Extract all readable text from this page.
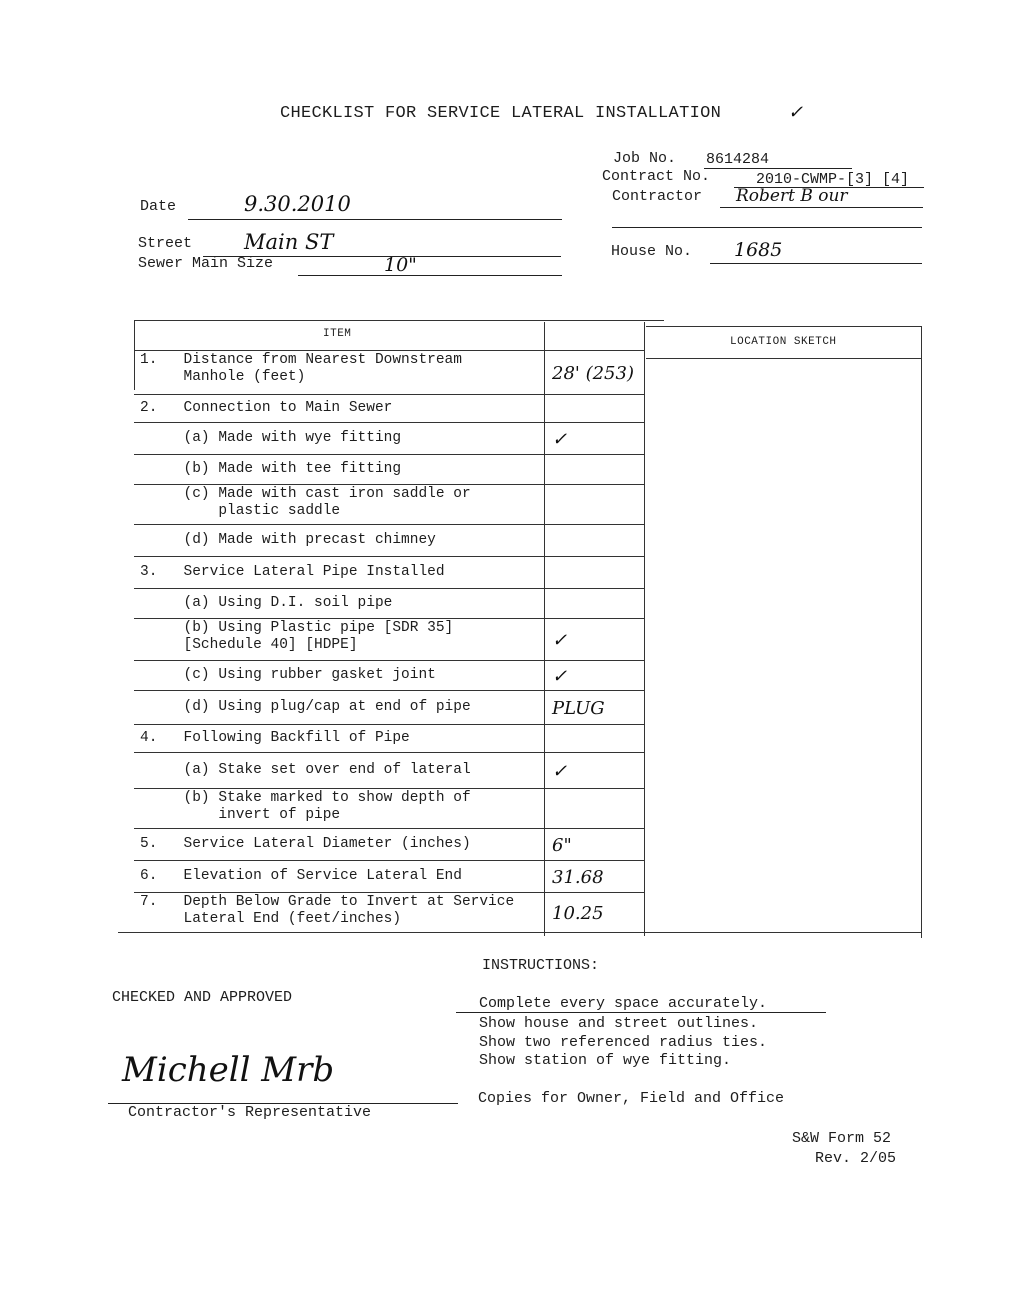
CHECKLIST FOR SERVICE LATERAL INSTALLATION	✓
Job No. 8614284
Contract No.	2010-CWMP-[3] [4]
Contractor Robert B our
House No. 1685
Date	9.30.2010
Street Main ST
Sewer Main Size	10"
ITEM
LOCATION SKETCH
1.   Distance from Nearest Downstream
Manhole (feet)	28' (253)
2.   Connection to Main Sewer
(a) Made with wye fitting	✓
(b) Made with tee fitting
(c) Made with cast iron saddle or
plastic saddle
(d) Made with precast chimney
3.   Service Lateral Pipe Installed
(a) Using D.I. soil pipe
(b) Using Plastic pipe [SDR 35]
[Schedule 40] [HDPE]	✓
(c) Using rubber gasket joint	✓
(d) Using plug/cap at end of pipe	PLUG
4.   Following Backfill of Pipe
(a) Stake set over end of lateral	✓
(b) Stake marked to show depth of
invert of pipe
5.   Service Lateral Diameter (inches)	6"
6.   Elevation of Service Lateral End	31.68
7.   Depth Below Grade to Invert at Service
Lateral End (feet/inches)	10.25
INSTRUCTIONS:
CHECKED AND APPROVED	Complete every space accurately.
Show house and street outlines.
Show two referenced radius ties.
Show station of wye fitting.
Copies for Owner, Field and Office
Michell Mrb
Contractor's Representative
S&W Form 52
Rev. 2/05
